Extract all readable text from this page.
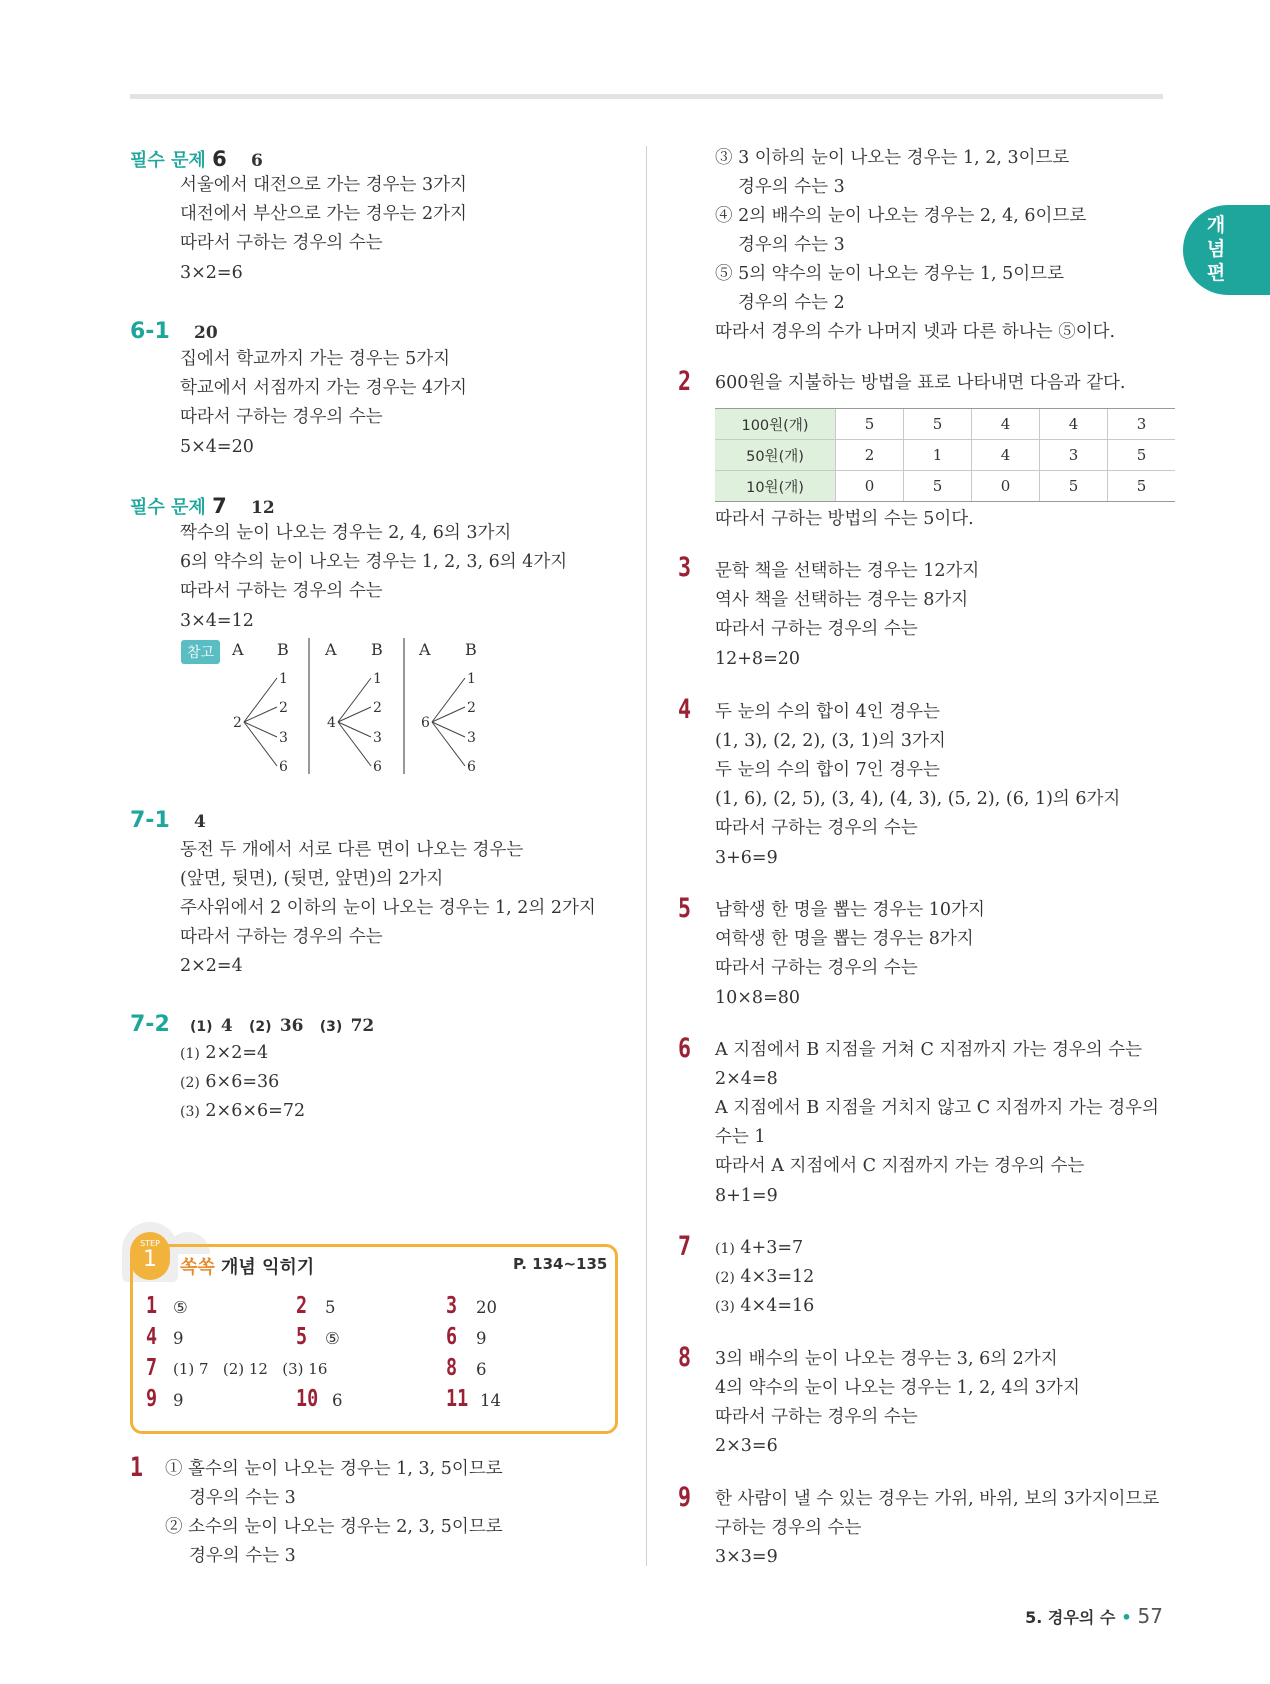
개념편
필수 문제 6 6
서울에서 대전으로 가는 경우는 3가지
대전에서 부산으로 가는 경우는 2가지
따라서 구하는 경우의 수는
3×2=6
6-1 20
집에서 학교까지 가는 경우는 5가지
학교에서 서점까지 가는 경우는 4가지
따라서 구하는 경우의 수는
5×4=20
필수 문제 7 12
짝수의 눈이 나오는 경우는 2, 4, 6의 3가지
6의 약수의 눈이 나오는 경우는 1, 2, 3, 6의 4가지
따라서 구하는 경우의 수는
3×4=12
참고	A B
2
1
2
3
6
A B
4
1
2
3
6
A B
6
1
2
3
6
7-1 4
동전 두 개에서 서로 다른 면이 나오는 경우는
(앞면, 뒷면), (뒷면, 앞면)의 2가지
주사위에서 2 이하의 눈이 나오는 경우는 1, 2의 2가지
따라서 구하는 경우의 수는
2×2=4
7-2 (1) 4 (2) 36 (3) 72
(1) 2×2=4
(2) 6×6=36
(3) 2×6×6=72
STEP
1	쏙쏙 개념 익히기	P. 134~135
1 ⑤	2 5	3 20
4 9	5 ⑤	6 9
7 (1) 7   (2) 12   (3) 16	8 6
9 9	10 6	11 14
1 ① 홀수의 눈이 나오는 경우는 1, 3, 5이므로
경우의 수는 3
② 소수의 눈이 나오는 경우는 2, 3, 5이므로
경우의 수는 3
③ 3 이하의 눈이 나오는 경우는 1, 2, 3이므로
경우의 수는 3
④ 2의 배수의 눈이 나오는 경우는 2, 4, 6이므로
경우의 수는 3
⑤ 5의 약수의 눈이 나오는 경우는 1, 5이므로
경우의 수는 2
따라서 경우의 수가 나머지 넷과 다른 하나는 ⑤이다.
2 600원을 지불하는 방법을 표로 나타내면 다음과 같다.
100원(개)	5	5	4	4	3
50원(개)	2	1	4	3	5
10원(개)	0	5	0	5	5
따라서 구하는 방법의 수는 5이다.
3 문학 책을 선택하는 경우는 12가지
역사 책을 선택하는 경우는 8가지
따라서 구하는 경우의 수는
12+8=20
4 두 눈의 수의 합이 4인 경우는
(1, 3), (2, 2), (3, 1)의 3가지
두 눈의 수의 합이 7인 경우는
(1, 6), (2, 5), (3, 4), (4, 3), (5, 2), (6, 1)의 6가지
따라서 구하는 경우의 수는
3+6=9
5 남학생 한 명을 뽑는 경우는 10가지
여학생 한 명을 뽑는 경우는 8가지
따라서 구하는 경우의 수는
10×8=80
6 A 지점에서 B 지점을 거쳐 C 지점까지 가는 경우의 수는
2×4=8
A 지점에서 B 지점을 거치지 않고 C 지점까지 가는 경우의
수는 1
따라서 A 지점에서 C 지점까지 가는 경우의 수는
8+1=9
7 (1) 4+3=7
(2) 4×3=12
(3) 4×4=16
8 3의 배수의 눈이 나오는 경우는 3, 6의 2가지
4의 약수의 눈이 나오는 경우는 1, 2, 4의 3가지
따라서 구하는 경우의 수는
2×3=6
9 한 사람이 낼 수 있는 경우는 가위, 바위, 보의 3가지이므로
구하는 경우의 수는
3×3=9
5. 경우의 수 • 57
